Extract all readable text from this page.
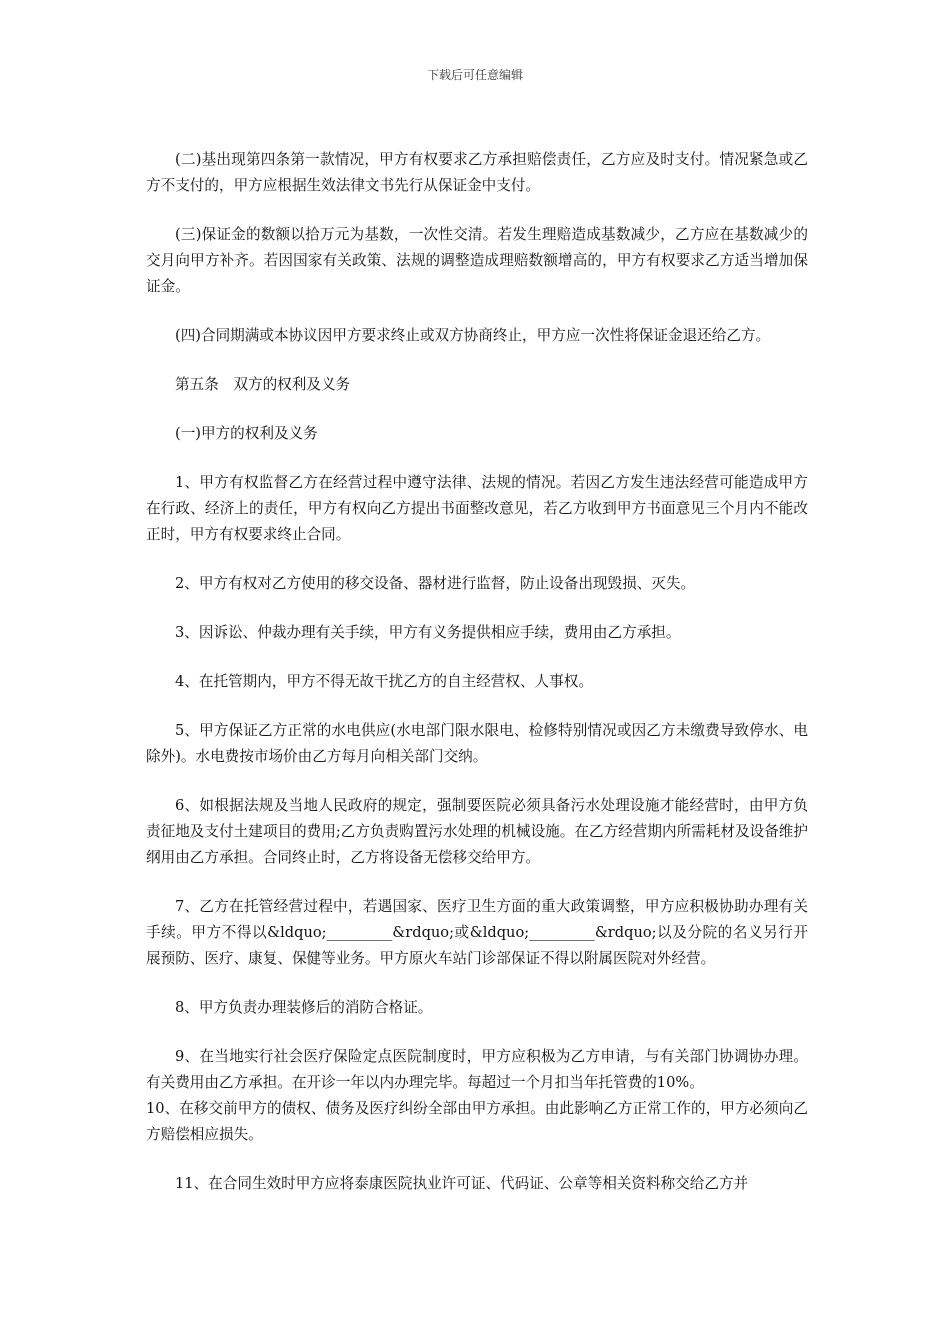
下载后可任意编辑

(二)基出现第四条第一款情况，甲方有权要求乙方承担赔偿责任，乙方应及时支付。情况紧急或乙方不支付的，甲方应根据生效法律文书先行从保证金中支付。

(三)保证金的数额以拾万元为基数，一次性交清。若发生理赔造成基数减少，乙方应在基数减少的交月向甲方补齐。若因国家有关政策、法规的调整造成理赔数额增高的，甲方有权要求乙方适当增加保证金。

(四)合同期满或本协议因甲方要求终止或双方协商终止，甲方应一次性将保证金退还给乙方。

第五条　双方的权利及义务

(一)甲方的权利及义务

1、甲方有权监督乙方在经营过程中遵守法律、法规的情况。若因乙方发生违法经营可能造成甲方在行政、经济上的责任，甲方有权向乙方提出书面整改意见，若乙方收到甲方书面意见三个月内不能改正时，甲方有权要求终止合同。

2、甲方有权对乙方使用的移交设备、器材进行监督，防止设备出现毁损、灭失。

3、因诉讼、仲裁办理有关手续，甲方有义务提供相应手续，费用由乙方承担。

4、在托管期内，甲方不得无故干扰乙方的自主经营权、人事权。

5、甲方保证乙方正常的水电供应(水电部门限水限电、检修特别情况或因乙方未缴费导致停水、电除外)。水电费按市场价由乙方每月向相关部门交纳。

6、如根据法规及当地人民政府的规定，强制要医院必须具备污水处理设施才能经营时，由甲方负责征地及支付土建项目的费用;乙方负责购置污水处理的机械设施。在乙方经营期内所需耗材及设备维护纲用由乙方承担。合同终止时，乙方将设备无偿移交给甲方。

7、乙方在托管经营过程中，若遇国家、医疗卫生方面的重大政策调整，甲方应积极协助办理有关手续。甲方不得以&ldquo;_________&rdquo;或&ldquo;_________&rdquo;以及分院的名义另行开展预防、医疗、康复、保健等业务。甲方原火车站门诊部保证不得以附属医院对外经营。

8、甲方负责办理装修后的消防合格证。

9、在当地实行社会医疗保险定点医院制度时，甲方应积极为乙方申请，与有关部门协调协办理。有关费用由乙方承担。在开诊一年以内办理完毕。每超过一个月扣当年托管费的10%。

10、在移交前甲方的债权、债务及医疗纠纷全部由甲方承担。由此影响乙方正常工作的，甲方必须向乙方赔偿相应损失。

11、在合同生效时甲方应将泰康医院执业许可证、代码证、公章等相关资料称交给乙方并
